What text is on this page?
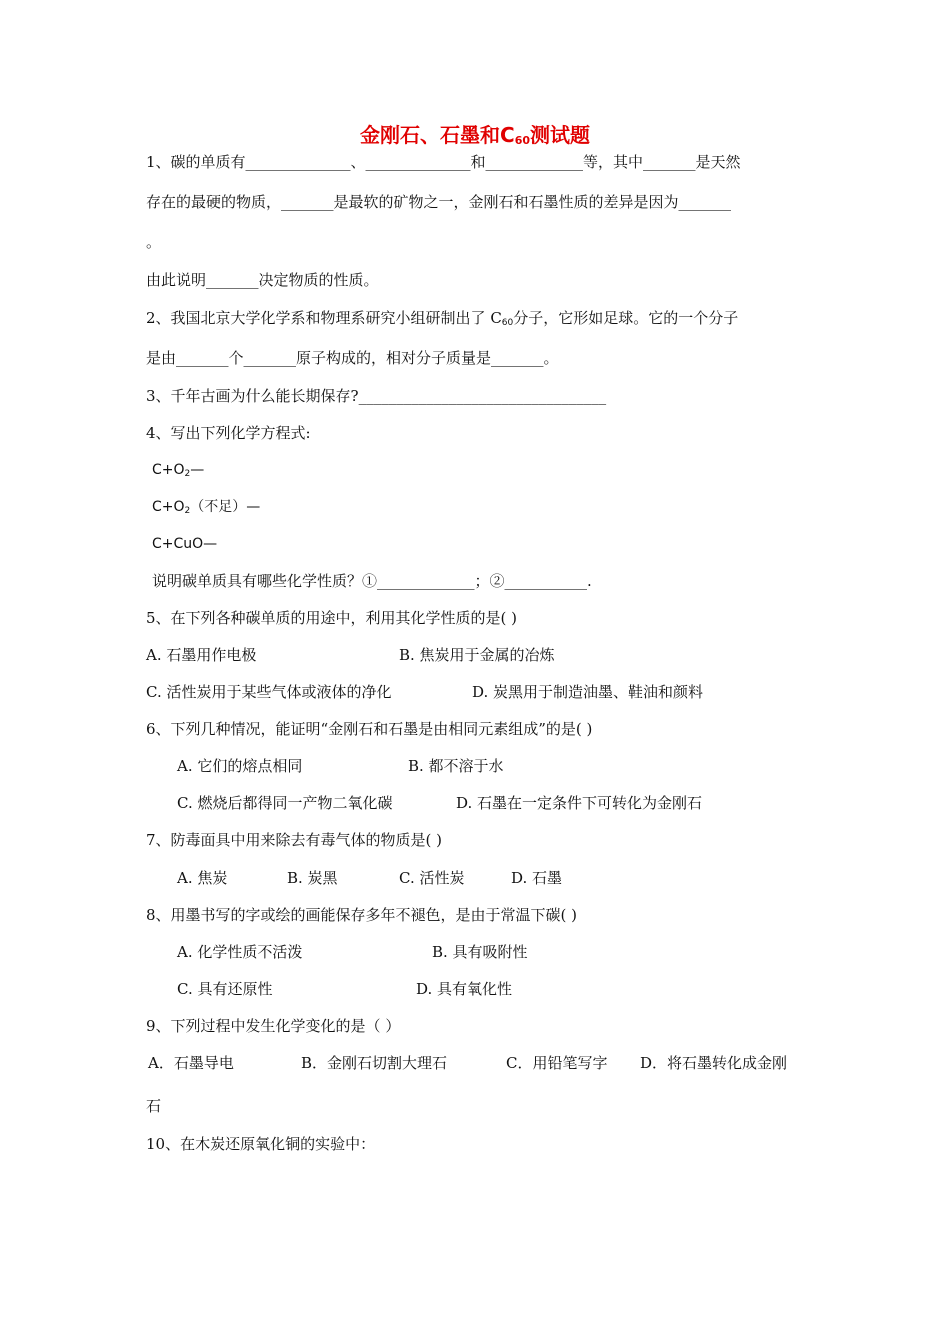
金刚石、石墨和$C_{60}$测试题
1、碳的单质有______________、______________和_____________等，其中_______是天然
存在的最硬的物质，_______是最软的矿物之一，金刚石和石墨性质的差异是因为_______
。
由此说明_______决定物质的性质。
2、我国北京大学化学系和物理系研究小组研制出了 $C_{60}$分子，它形如足球。它的一个分子
是由_______个_______原子构成的，相对分子质量是_______。
3、千年古画为什么能长期保存?_________________________________
4、写出下列化学方程式:
$C+O_2—$
$C+O_2$（不足）—
C+CuO—
说明碳单质具有哪些化学性质？①_____________；②___________.
5、在下列各种碳单质的用途中，利用其化学性质的是( )
A. 石墨用作电极	B. 焦炭用于金属的冶炼
C. 活性炭用于某些气体或液体的净化	D. 炭黑用于制造油墨、鞋油和颜料
6、下列几种情况，能证明“金刚石和石墨是由相同元素组成”的是( )
A. 它们的熔点相同	B. 都不溶于水
C. 燃烧后都得同一产物二氧化碳	D. 石墨在一定条件下可转化为金刚石
7、防毒面具中用来除去有毒气体的物质是( )
A. 焦炭	B. 炭黑	C. 活性炭	D. 石墨
8、用墨书写的字或绘的画能保存多年不褪色，是由于常温下碳( )
A. 化学性质不活泼	B. 具有吸附性
C. 具有还原性	D. 具有氧化性
9、下列过程中发生化学变化的是（ ）
A．石墨导电	B．金刚石切割大理石	C．用铅笔写字 D．将石墨转化成金刚
石
10、在木炭还原氧化铜的实验中：
